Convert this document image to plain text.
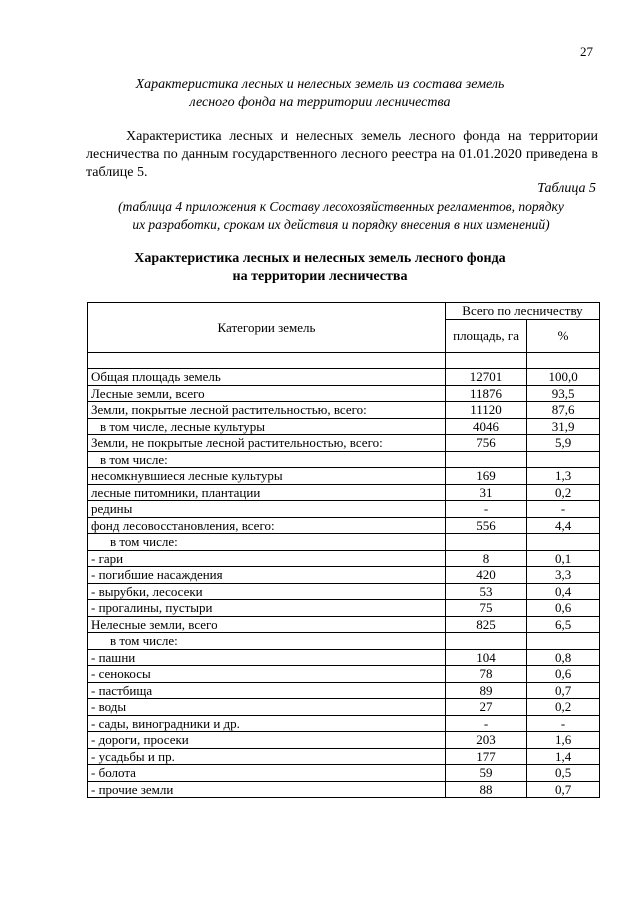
27
Характеристика лесных и нелесных земель из состава земель
лесного фонда на территории лесничества
Характеристика лесных и нелесных земель лесного фонда на территории лесничества по данным государственного лесного реестра на 01.01.2020 приведена в таблице 5.
Таблица 5
(таблица 4 приложения к Составу лесохозяйственных регламентов, порядку
их разработки, срокам их действия и порядку внесения в них изменений)
Характеристика лесных и нелесных земель лесного фонда
на территории лесничества
Категории земель	Всего по лесничеству	
	площадь, га	%

Общая площадь земель	12701	100,0
Лесные земли, всего	11876	93,5
Земли, покрытые лесной растительностью, всего:	11120	87,6
в том числе, лесные культуры	4046	31,9
Земли, не покрытые лесной растительностью, всего:	756	5,9
в том числе:		
несомкнувшиеся лесные культуры	169	1,3
лесные питомники, плантации	31	0,2
редины	-	-
фонд лесовосстановления, всего:	556	4,4
в том числе:		
- гари	8	0,1
- погибшие насаждения	420	3,3
- вырубки, лесосеки	53	0,4
- прогалины, пустыри	75	0,6
Нелесные земли, всего	825	6,5
в том числе:		
- пашни	104	0,8
- сенокосы	78	0,6
- пастбища	89	0,7
- воды	27	0,2
- сады, виноградники и др.	-	-
- дороги, просеки	203	1,6
- усадьбы и пр.	177	1,4
- болота	59	0,5
- прочие земли	88	0,7
